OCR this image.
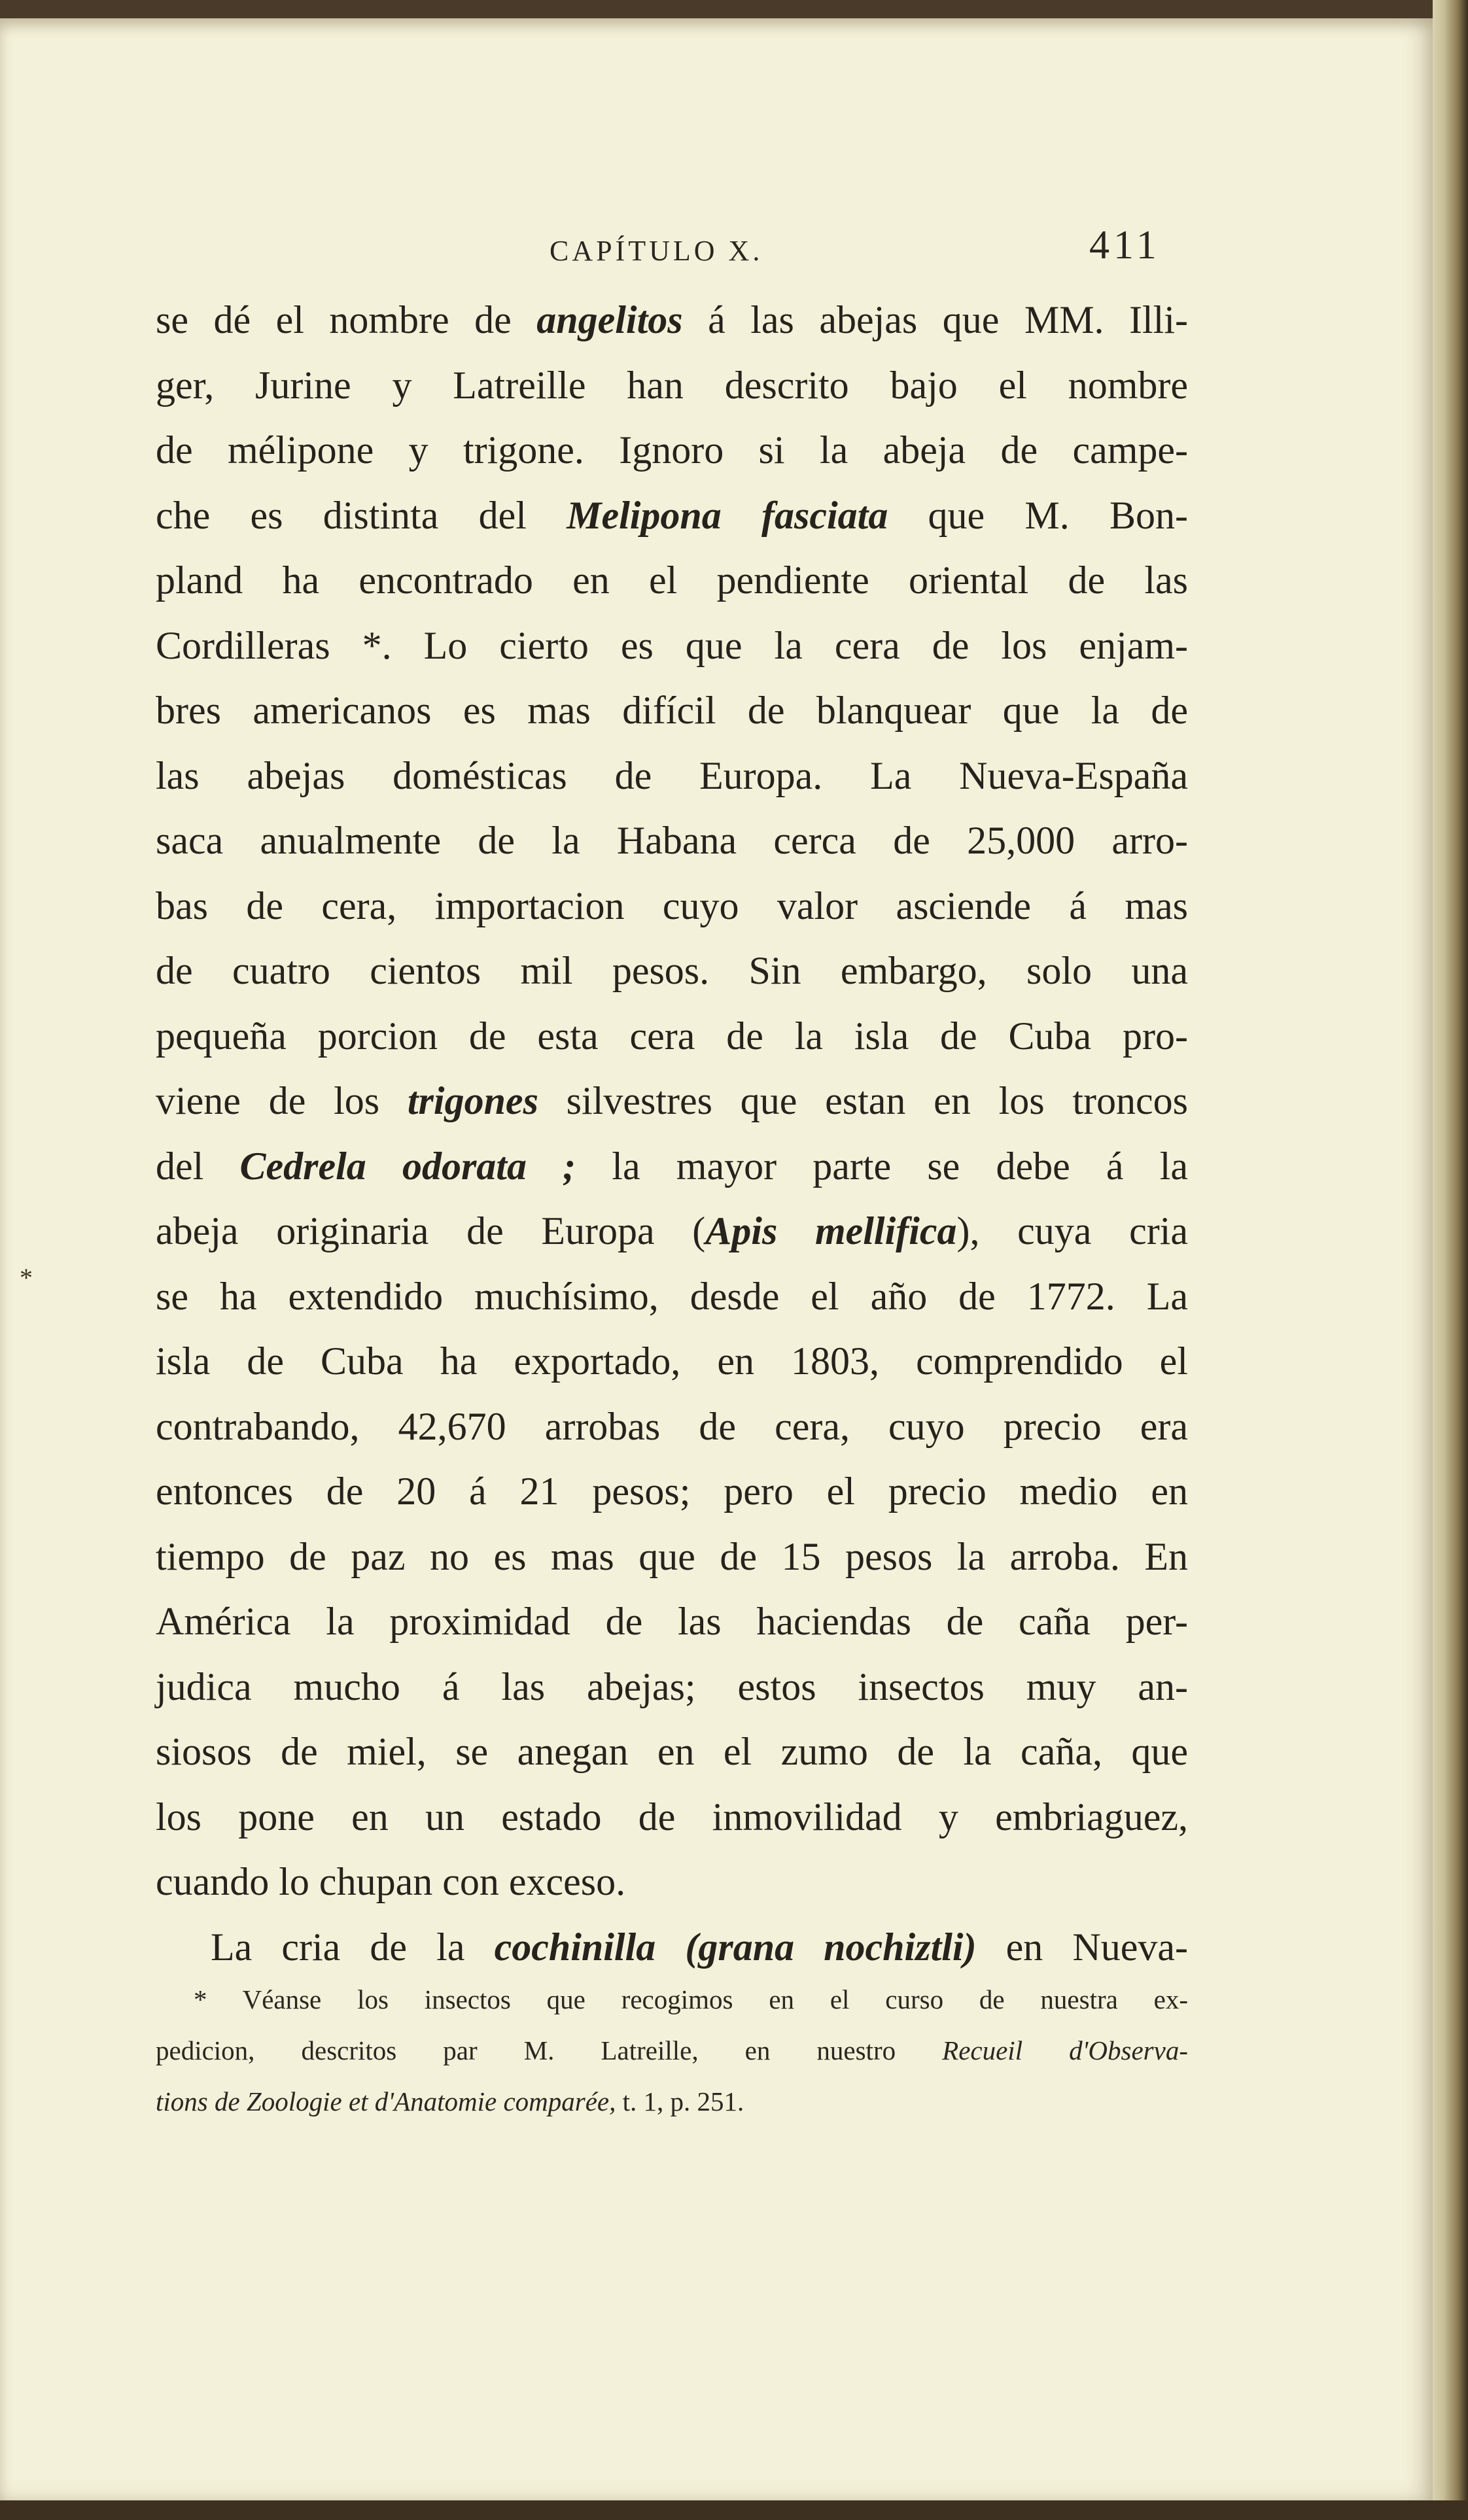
CAPÍTULO X.	411
*
se dé el nombre de angelitos á las abejas que MM. Illi-
ger, Jurine y Latreille han descrito bajo el nombre
de mélipone y trigone. Ignoro si la abeja de campe-
che es distinta del Melipona fasciata que M. Bon-
pland ha encontrado en el pendiente oriental de las
Cordilleras *. Lo cierto es que la cera de los enjam-
bres americanos es mas difícil de blanquear que la de
las abejas domésticas de Europa. La Nueva-España
saca anualmente de la Habana cerca de 25,000 arro-
bas de cera, importacion cuyo valor asciende á mas
de cuatro cientos mil pesos. Sin embargo, solo una
pequeña porcion de esta cera de la isla de Cuba pro-
viene de los trigones silvestres que estan en los troncos
del Cedrela odorata ; la mayor parte se debe á la
abeja originaria de Europa (Apis mellifica), cuya cria
se ha extendido muchísimo, desde el año de 1772. La
isla de Cuba ha exportado, en 1803, comprendido el
contrabando, 42,670 arrobas de cera, cuyo precio era
entonces de 20 á 21 pesos; pero el precio medio en
tiempo de paz no es mas que de 15 pesos la arroba. En
América la proximidad de las haciendas de caña per-
judica mucho á las abejas; estos insectos muy an-
siosos de miel, se anegan en el zumo de la caña, que
los pone en un estado de inmovilidad y embriaguez,
cuando lo chupan con exceso.
La cria de la cochinilla (grana nochiztli) en Nueva-
* Véanse los insectos que recogimos en el curso de nuestra ex-
pedicion, descritos par M. Latreille, en nuestro Recueil d'Observa-
tions de Zoologie et d'Anatomie comparée, t. 1, p. 251.
